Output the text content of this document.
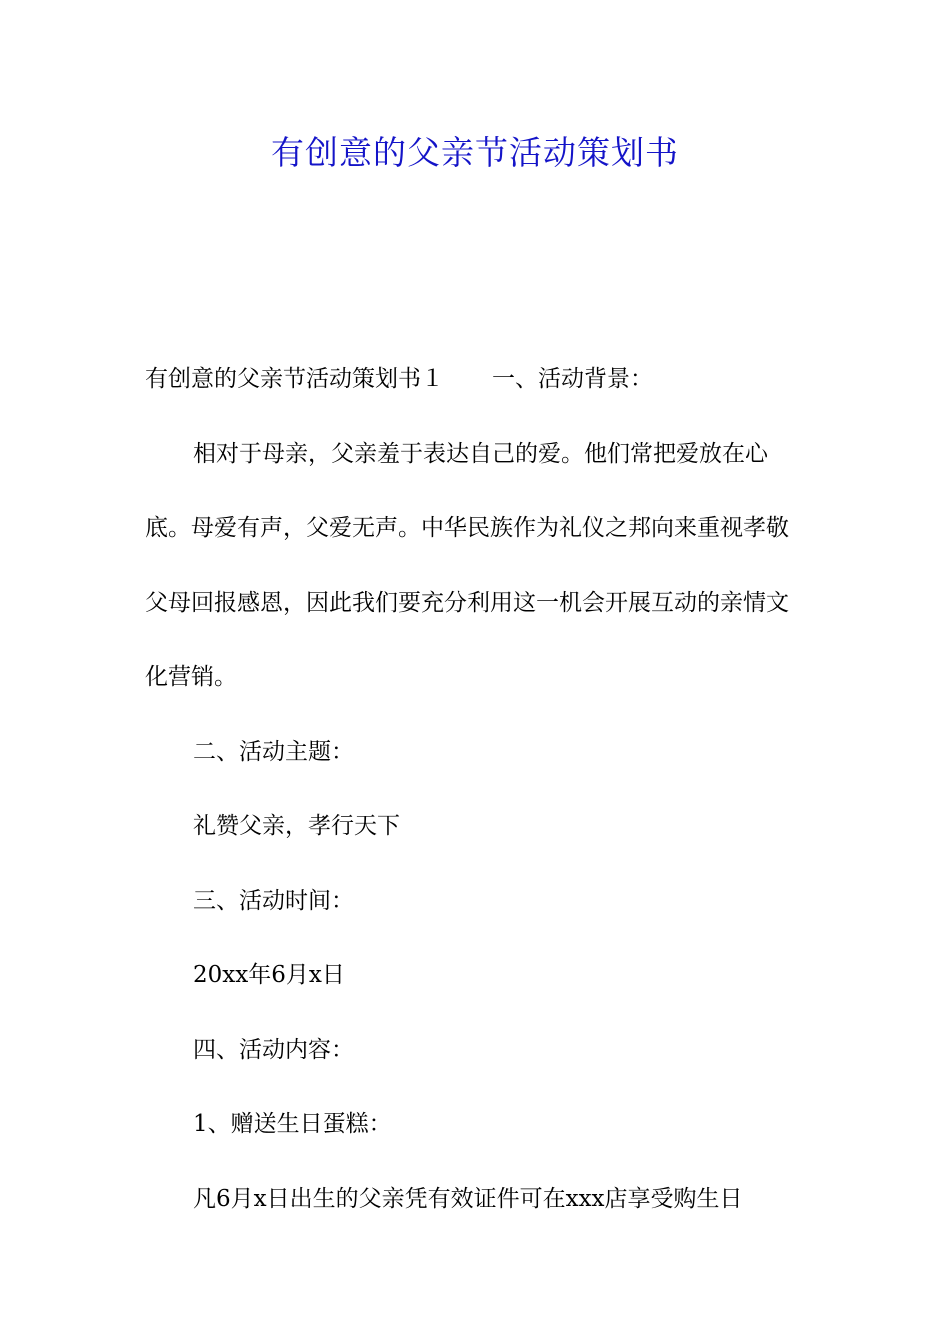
有创意的父亲节活动策划书

有创意的父亲节活动策划书１ 一、活动背景：

相对于母亲，父亲羞于表达自己的爱。他们常把爱放在心底。母爱有声，父爱无声。中华民族作为礼仪之邦向来重视孝敬父母回报感恩，因此我们要充分利用这一机会开展互动的亲情文化营销。

二、活动主题：

礼赞父亲，孝行天下

三、活动时间：

20xx年6月x日

四、活动内容：

1、赠送生日蛋糕：

凡6月x日出生的父亲凭有效证件可在xxx店享受购生日
